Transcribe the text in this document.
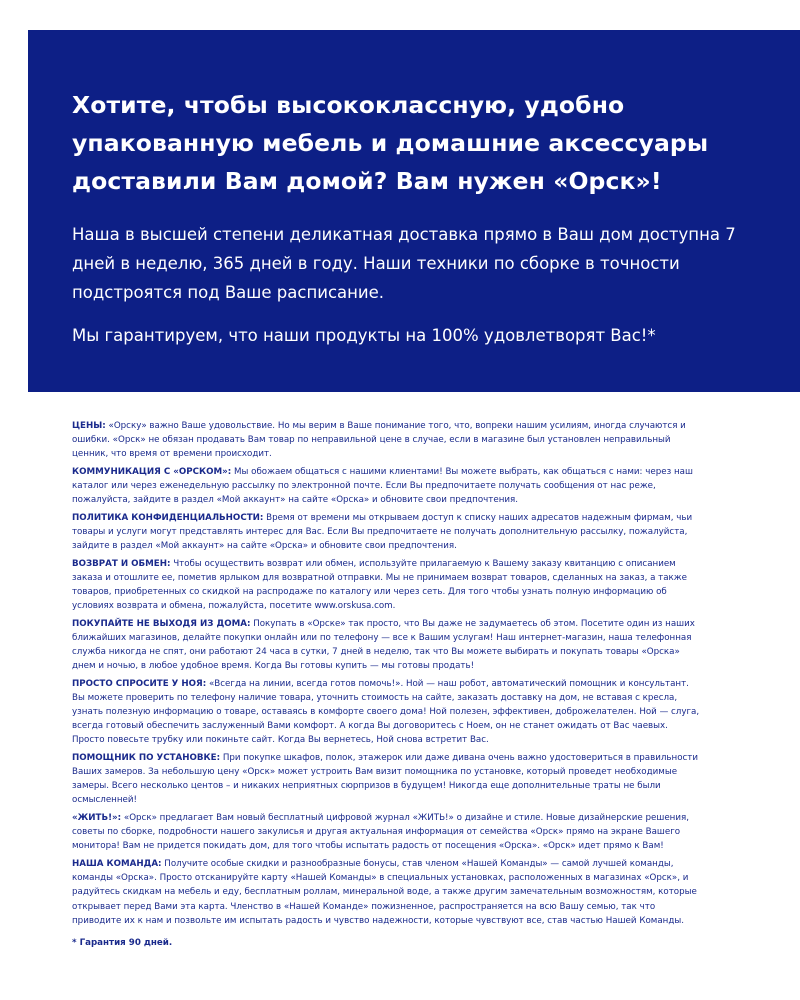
Хотите, чтобы высококлассную, удобно упакованную мебель и домашние аксессуары доставили Вам домой? Вам нужен «Орск»!

Наша в высшей степени деликатная доставка прямо в Ваш дом доступна 7 дней в неделю, 365 дней в году. Наши техники по сборке в точности подстроятся под Ваше расписание.

Мы гарантируем, что наши продукты на 100% удовлетворят Вас!*

ЦЕНЫ: «Орску» важно Ваше удовольствие. Но мы верим в Ваше понимание того, что, вопреки нашим усилиям, иногда случаются и ошибки. «Орск» не обязан продавать Вам товар по неправильной цене в случае, если в магазине был установлен неправильный ценник, что время от времени происходит.

КОММУНИКАЦИЯ С «ОРСКОМ»: Мы обожаем общаться с нашими клиентами! Вы можете выбрать, как общаться с нами: через наш каталог или через еженедельную рассылку по электронной почте. Если Вы предпочитаете получать сообщения от нас реже, пожалуйста, зайдите в раздел «Мой аккаунт» на сайте «Орска» и обновите свои предпочтения.

ПОЛИТИКА КОНФИДЕНЦИАЛЬНОСТИ: Время от времени мы открываем доступ к списку наших адресатов надежным фирмам, чьи товары и услуги могут представлять интерес для Вас. Если Вы предпочитаете не получать дополнительную рассылку, пожалуйста, зайдите в раздел «Мой аккаунт» на сайте «Орска» и обновите свои предпочтения.

ВОЗВРАТ И ОБМЕН: Чтобы осуществить возврат или обмен, используйте прилагаемую к Вашему заказу квитанцию с описанием заказа и отошлите ее, пометив ярлыком для возвратной отправки. Мы не принимаем возврат товаров, сделанных на заказ, а также товаров, приобретенных со скидкой на распродаже по каталогу или через сеть. Для того чтобы узнать полную информацию об условиях возврата и обмена, пожалуйста, посетите www.orskusa.com.

ПОКУПАЙТЕ НЕ ВЫХОДЯ ИЗ ДОМА: Покупать в «Орске» так просто, что Вы даже не задумаетесь об этом. Посетите один из наших ближайших магазинов, делайте покупки онлайн или по телефону — все к Вашим услугам! Наш интернет-магазин, наша телефонная служба никогда не спят, они работают 24 часа в сутки, 7 дней в неделю, так что Вы можете выбирать и покупать товары «Орска» днем и ночью, в любое удобное время. Когда Вы готовы купить — мы готовы продать!

ПРОСТО СПРОСИТЕ У НОЯ: «Всегда на линии, всегда готов помочь!». Ной — наш робот, автоматический помощник и консультант. Вы можете проверить по телефону наличие товара, уточнить стоимость на сайте, заказать доставку на дом, не вставая с кресла, узнать полезную информацию о товаре, оставаясь в комфорте своего дома! Ной полезен, эффективен, доброжелателен. Ной — слуга, всегда готовый обеспечить заслуженный Вами комфорт. А когда Вы договоритесь с Ноем, он не станет ожидать от Вас чаевых. Просто повесьте трубку или покиньте сайт. Когда Вы вернетесь, Ной снова встретит Вас.

ПОМОЩНИК ПО УСТАНОВКЕ: При покупке шкафов, полок, этажерок или даже дивана очень важно удостовериться в правильности Ваших замеров. За небольшую цену «Орск» может устроить Вам визит помощника по установке, который проведет необходимые замеры. Всего несколько центов – и никаких неприятных сюрпризов в будущем! Никогда еще дополнительные траты не были осмысленней!

«ЖИТЬ!»: «Орск» предлагает Вам новый бесплатный цифровой журнал «ЖИТЬ!» о дизайне и стиле. Новые дизайнерские решения, советы по сборке, подробности нашего закулисья и другая актуальная информация от семейства «Орск» прямо на экране Вашего монитора! Вам не придется покидать дом, для того чтобы испытать радость от посещения «Орска». «Орск» идет прямо к Вам!

НАША КОМАНДА: Получите особые скидки и разнообразные бонусы, став членом «Нашей Команды» — самой лучшей команды, команды «Орска». Просто отсканируйте карту «Нашей Команды» в специальных установках, расположенных в магазинах «Орск», и радуйтесь скидкам на мебель и еду, бесплатным роллам, минеральной воде, а также другим замечательным возможностям, которые открывает перед Вами эта карта. Членство в «Нашей Команде» пожизненное, распространяется на всю Вашу семью, так что приводите их к нам и позвольте им испытать радость и чувство надежности, которые чувствуют все, став частью Нашей Команды.

* Гарантия 90 дней.
